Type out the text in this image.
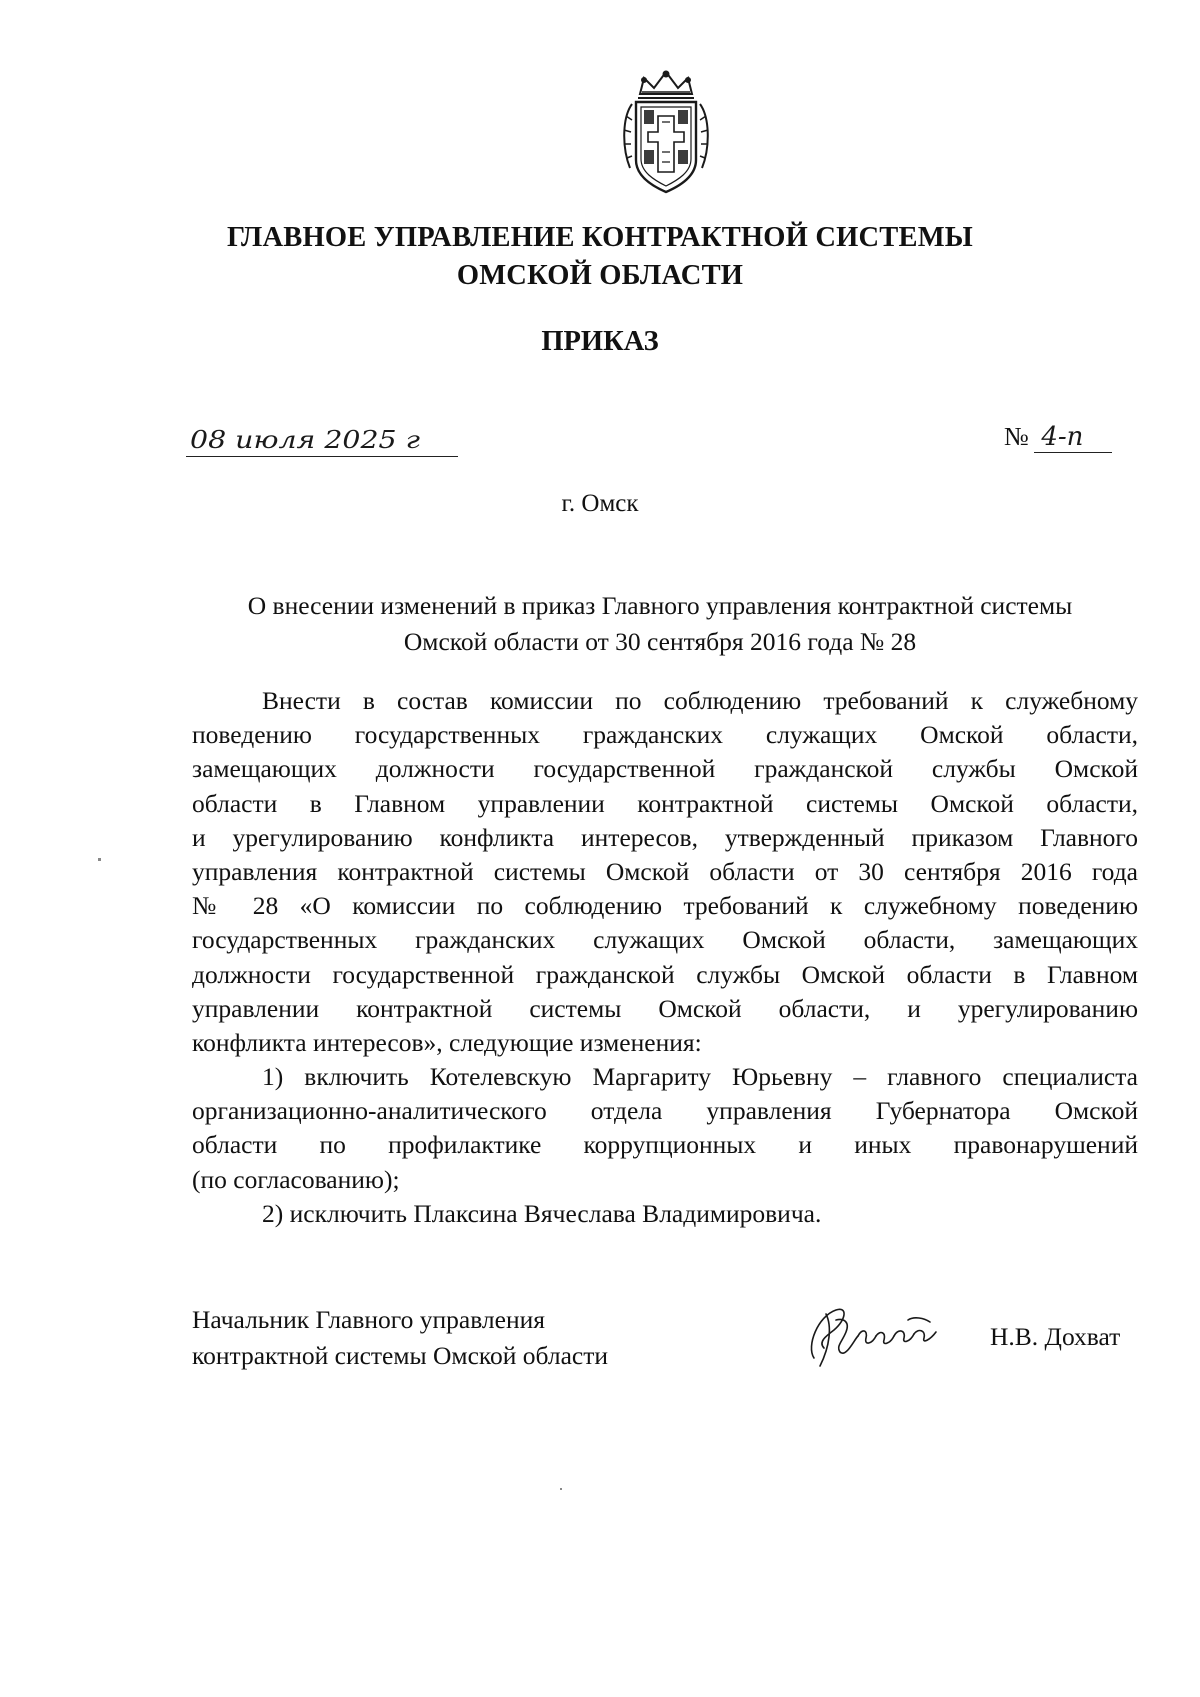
ГЛАВНОЕ УПРАВЛЕНИЕ КОНТРАКТНОЙ СИСТЕМЫ
ОМСКОЙ ОБЛАСТИ
ПРИКАЗ
08 июля 2025 г	№ 4-п
г. Омск
О внесении изменений в приказ Главного управления контрактной системы
Омской области от 30 сентября 2016 года № 28
Внести в состав комиссии по соблюдению требований к служебному
поведению государственных гражданских служащих Омской области,
замещающих должности государственной гражданской службы Омской
области в Главном управлении контрактной системы Омской области,
и урегулированию конфликта интересов, утвержденный приказом Главного
управления контрактной системы Омской области от 30 сентября 2016 года
№ 28 «О комиссии по соблюдению требований к служебному поведению
государственных гражданских служащих Омской области, замещающих
должности государственной гражданской службы Омской области в Главном
управлении контрактной системы Омской области, и урегулированию
конфликта интересов», следующие изменения:
1) включить Котелевскую Маргариту Юрьевну – главного специалиста
организационно-аналитического отдела управления Губернатора Омской
области по профилактике коррупционных и иных правонарушений
(по согласованию);
2) исключить Плаксина Вячеслава Владимировича.
Начальник Главного управления
контрактной системы Омской области
Н.В. Дохват
